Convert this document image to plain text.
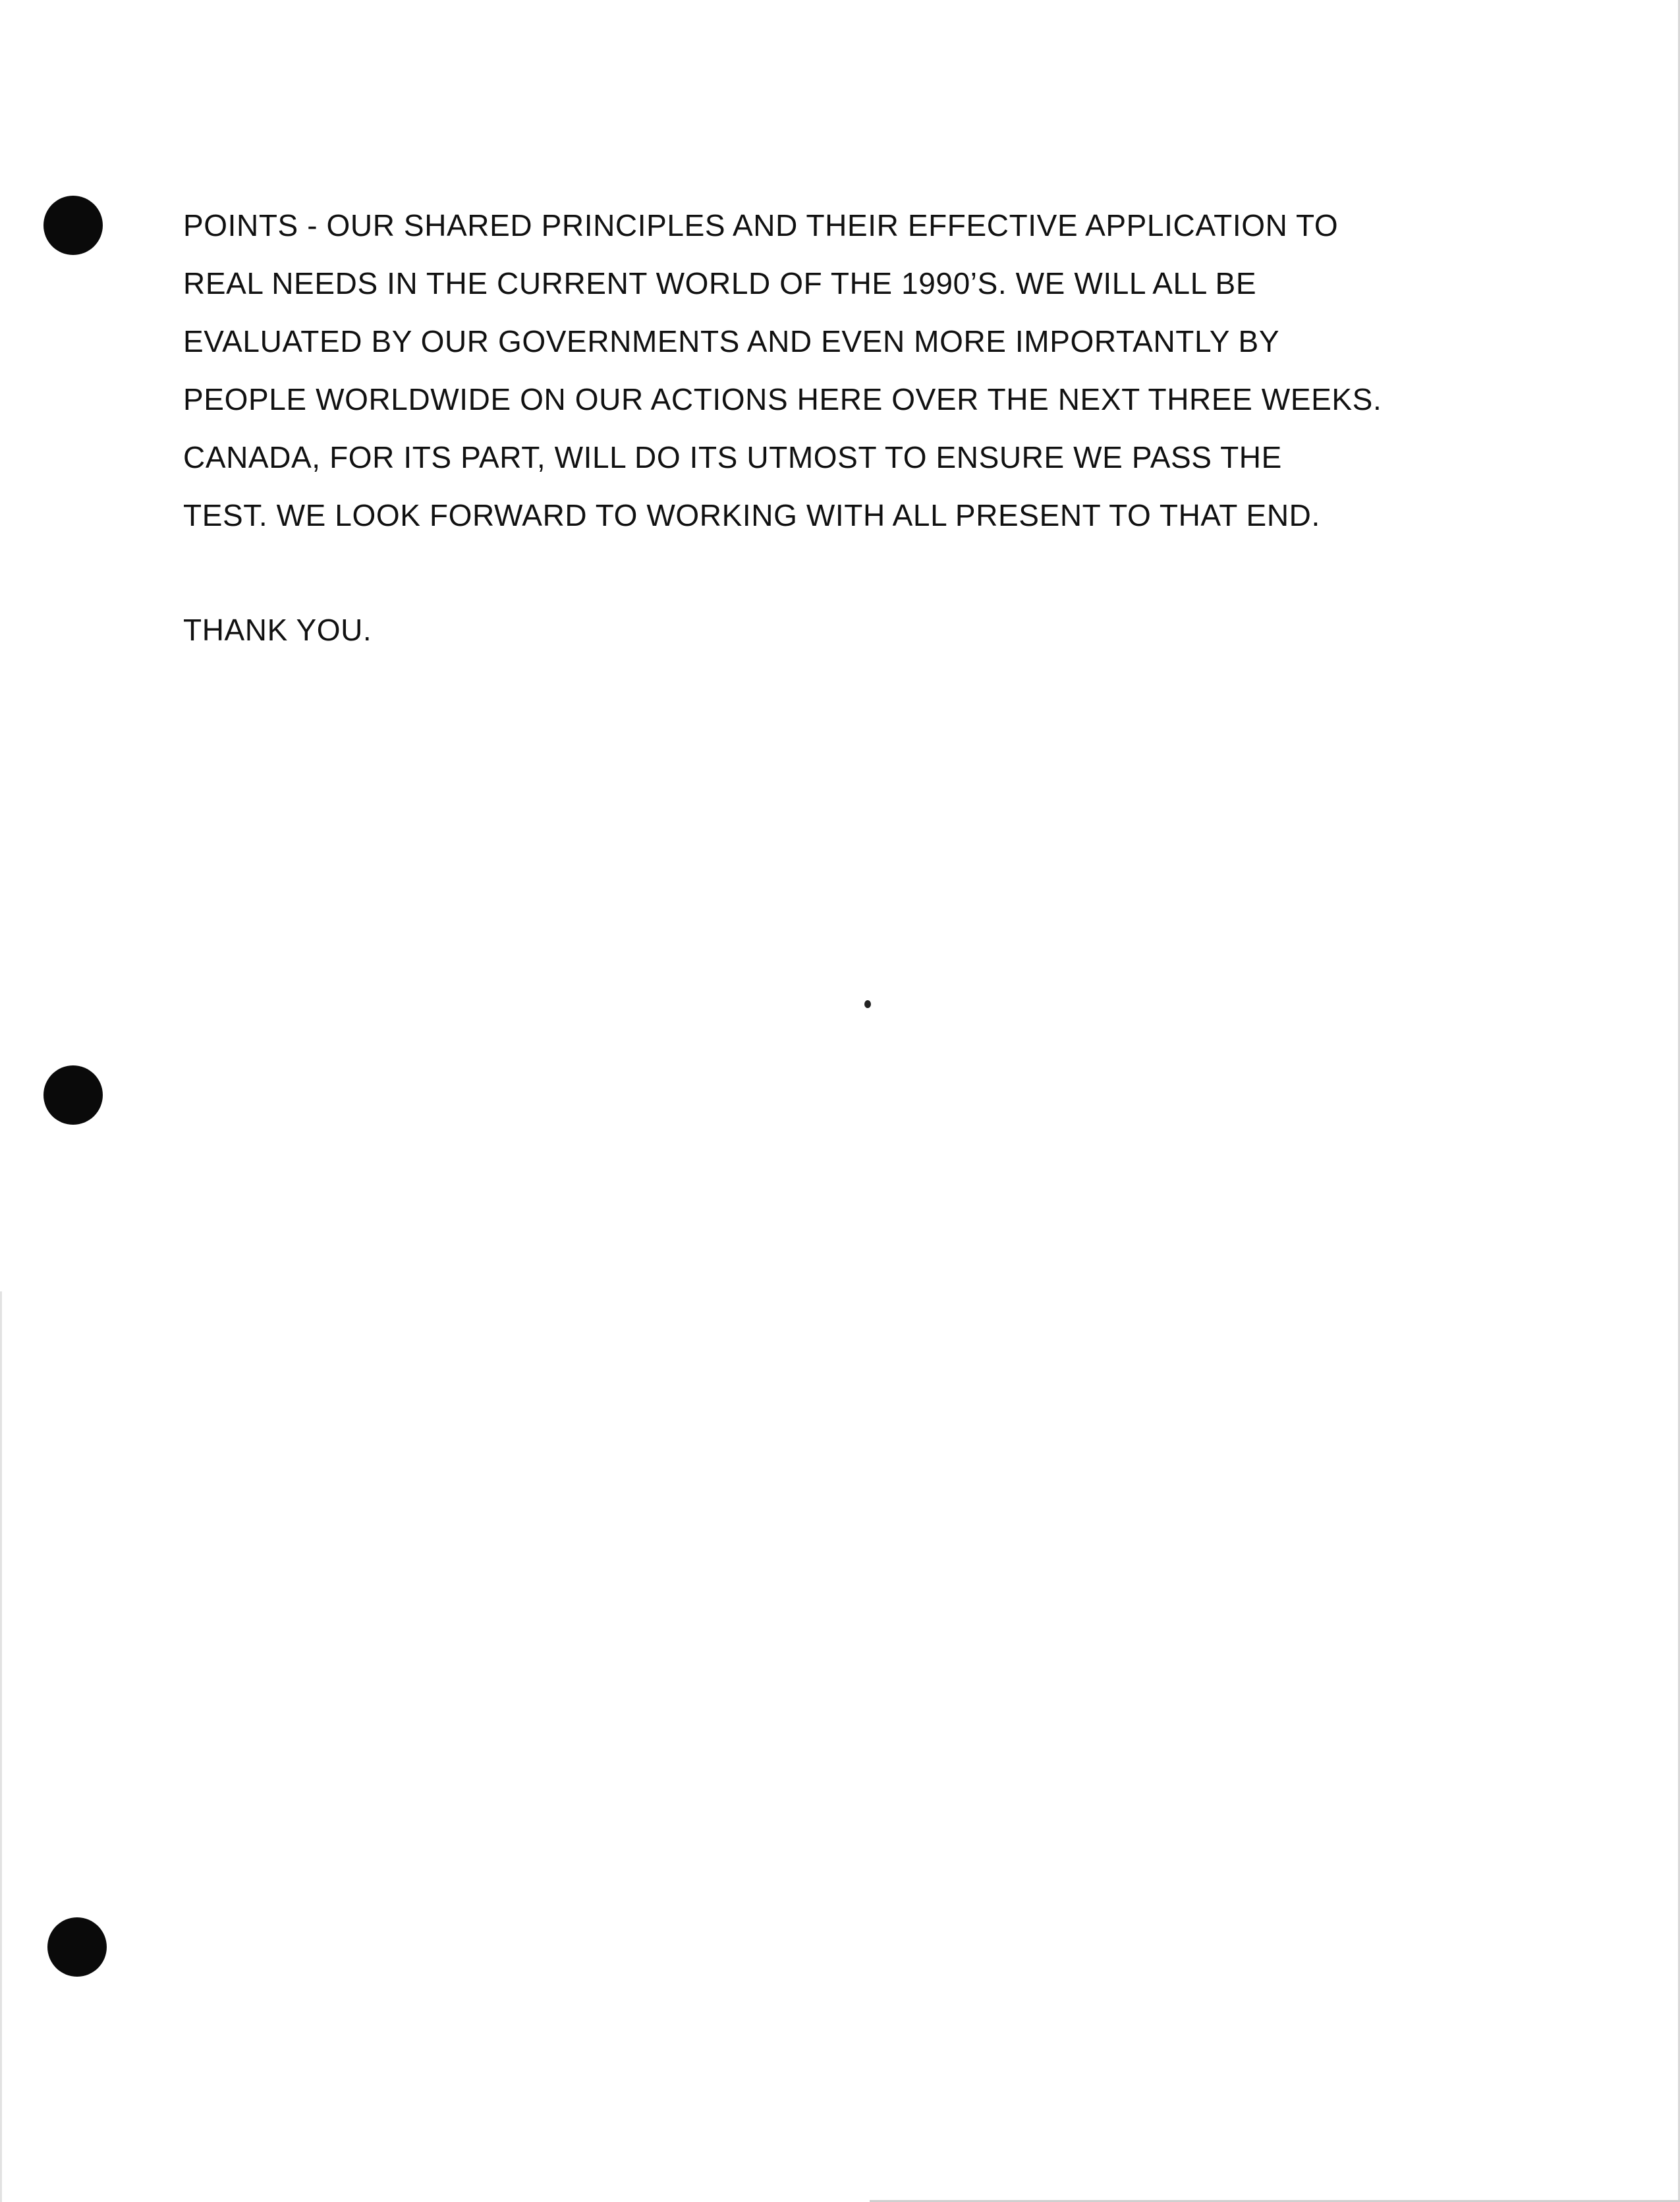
POINTS - OUR SHARED PRINCIPLES AND THEIR EFFECTIVE APPLICATION TO
REAL NEEDS IN THE CURRENT WORLD OF THE 1990’S. WE WILL ALL BE
EVALUATED BY OUR GOVERNMENTS AND EVEN MORE IMPORTANTLY BY
PEOPLE WORLDWIDE ON OUR ACTIONS HERE OVER THE NEXT THREE WEEKS.
CANADA, FOR ITS PART, WILL DO ITS UTMOST TO ENSURE WE PASS THE
TEST. WE LOOK FORWARD TO WORKING WITH ALL PRESENT TO THAT END.

THANK YOU.
